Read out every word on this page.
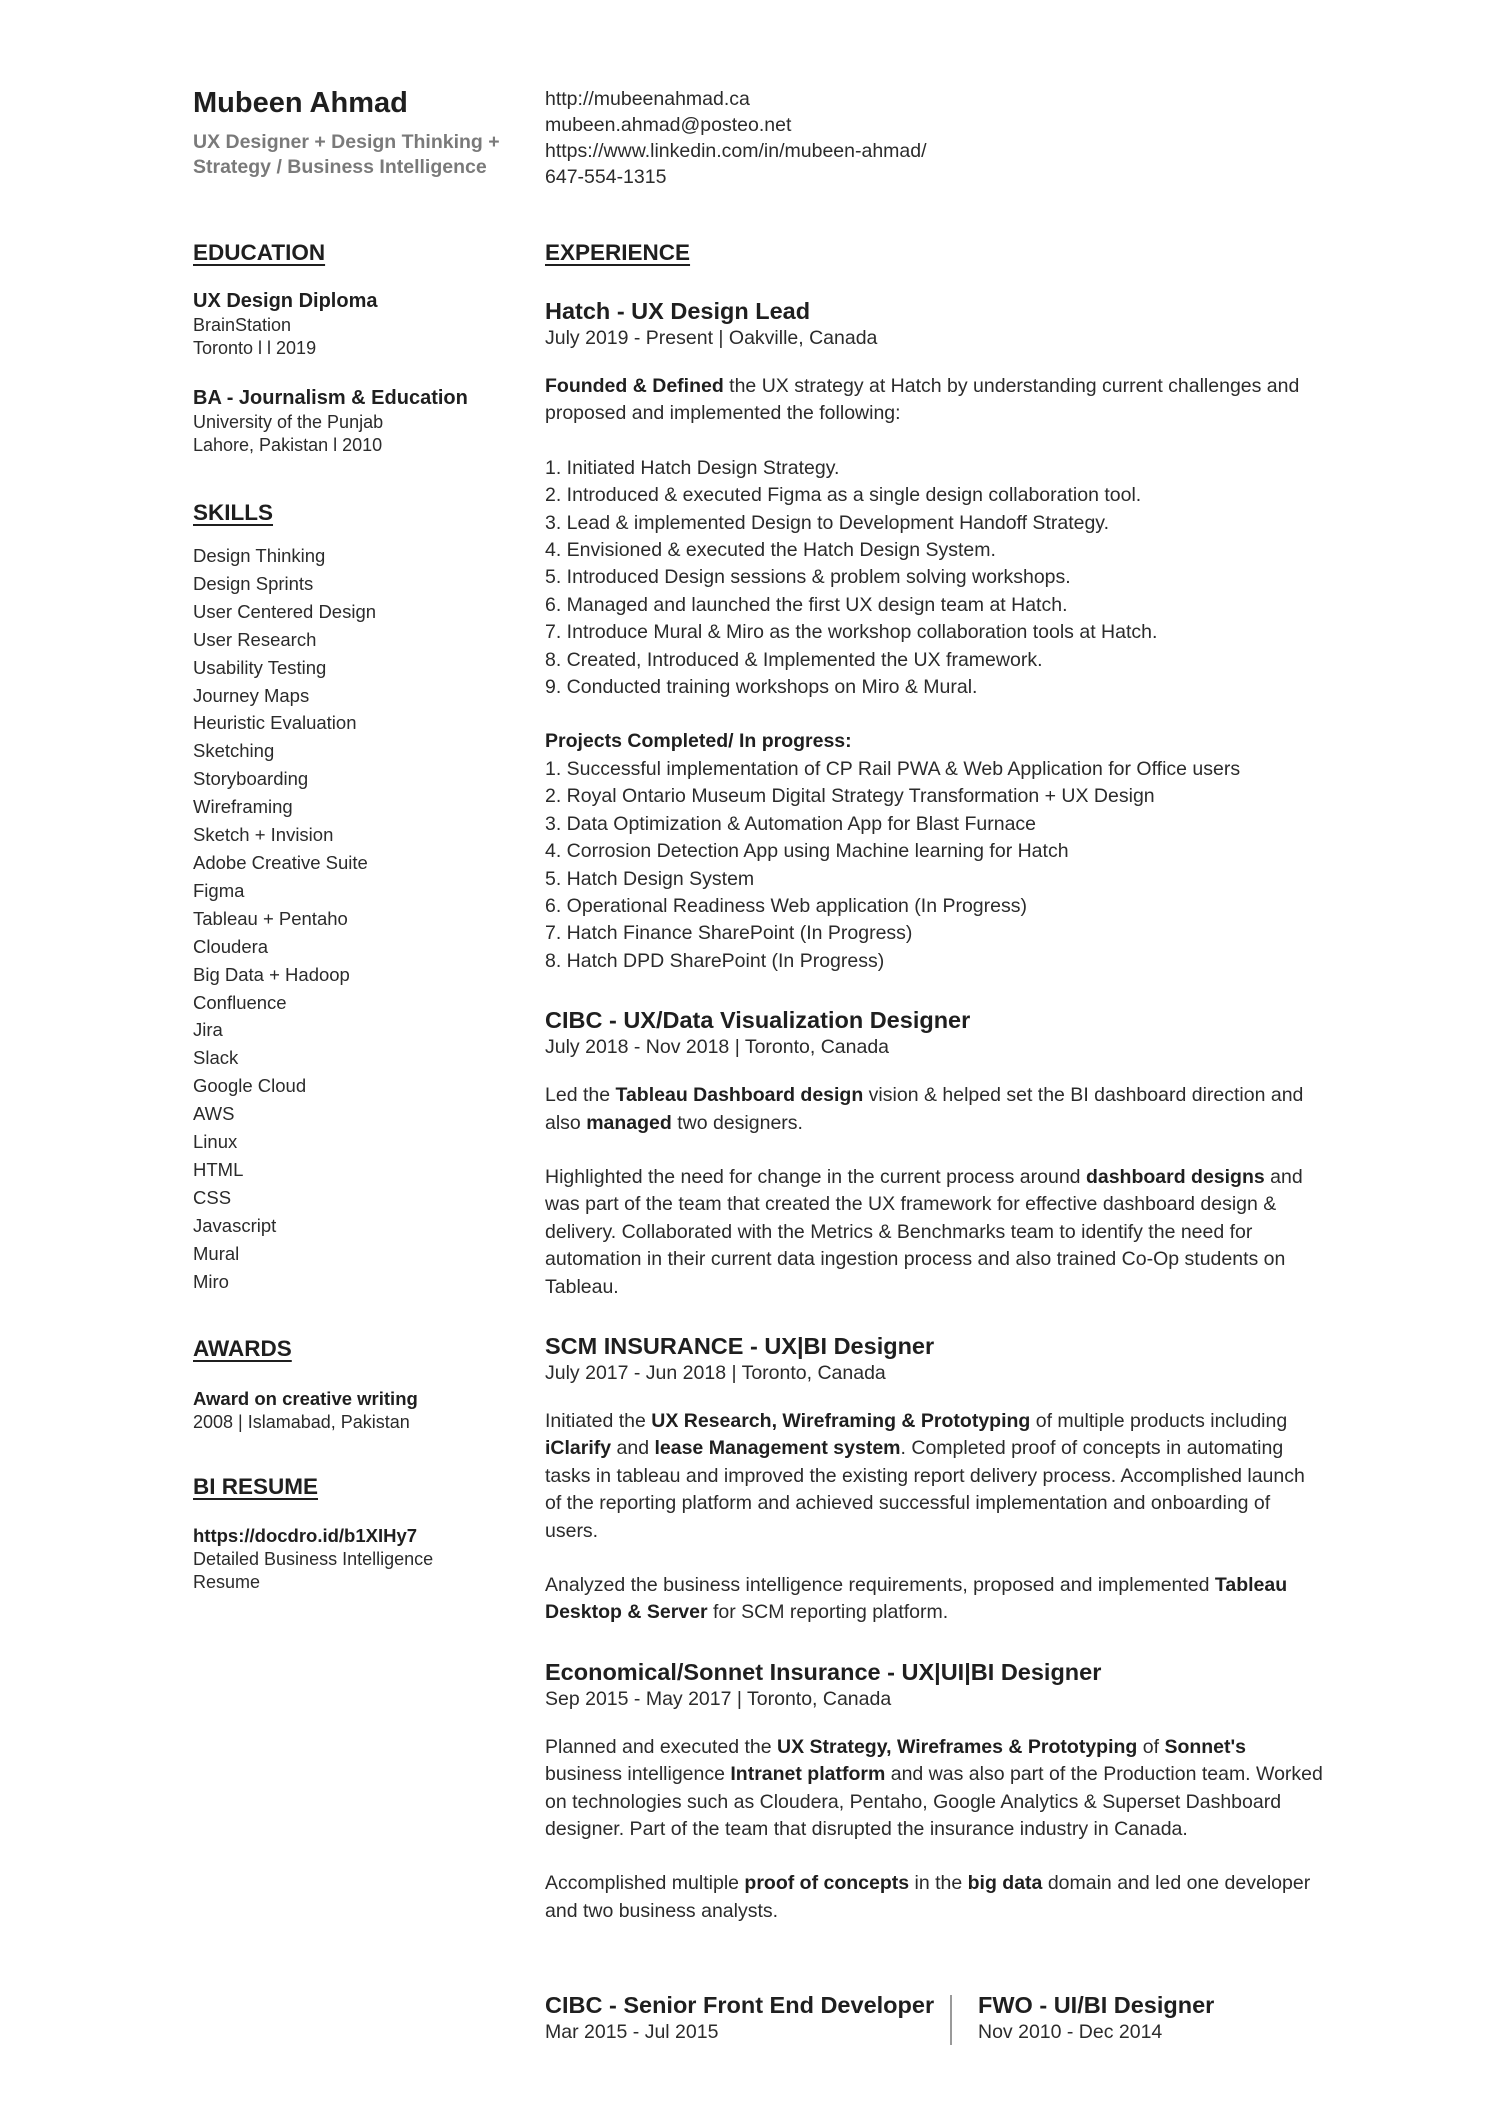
Mubeen Ahmad
UX Designer + Design Thinking +
Strategy / Business Intelligence
http://mubeenahmad.ca
mubeen.ahmad@posteo.net
https://www.linkedin.com/in/mubeen-ahmad/
647-554-1315
EDUCATION
UX Design Diploma
BrainStation
Toronto l l 2019
BA - Journalism & Education
University of the Punjab
Lahore, Pakistan l 2010
SKILLS
Design Thinking
Design Sprints
User Centered Design
User Research
Usability Testing
Journey Maps
Heuristic Evaluation
Sketching
Storyboarding
Wireframing
Sketch + Invision
Adobe Creative Suite
Figma
Tableau + Pentaho
Cloudera
Big Data + Hadoop
Confluence
Jira
Slack
Google Cloud
AWS
Linux
HTML
CSS
Javascript
Mural
Miro
AWARDS
Award on creative writing
2008 | Islamabad, Pakistan
BI RESUME
https://docdro.id/b1XIHy7
Detailed Business Intelligence Resume
EXPERIENCE
Hatch - UX Design Lead
July 2019 - Present | Oakville, Canada
Founded & Defined the UX strategy at Hatch by understanding current challenges and proposed and implemented the following:
1. Initiated Hatch Design Strategy.
2. Introduced & executed Figma as a single design collaboration tool.
3. Lead & implemented Design to Development Handoff Strategy.
4. Envisioned & executed the Hatch Design System.
5. Introduced Design sessions & problem solving workshops.
6. Managed and launched the first UX design team at Hatch.
7. Introduce Mural & Miro as the workshop collaboration tools at Hatch.
8. Created, Introduced & Implemented the UX framework.
9. Conducted training workshops on Miro & Mural.
Projects Completed/ In progress:
1. Successful implementation of CP Rail PWA & Web Application for Office users
2. Royal Ontario Museum Digital Strategy Transformation + UX Design
3. Data Optimization & Automation App for Blast Furnace
4. Corrosion Detection App using Machine learning for Hatch
5. Hatch Design System
6. Operational Readiness Web application (In Progress)
7. Hatch Finance SharePoint (In Progress)
8. Hatch DPD SharePoint (In Progress)
CIBC - UX/Data Visualization Designer
July 2018 - Nov 2018 | Toronto, Canada
Led the Tableau Dashboard design vision & helped set the BI dashboard direction and also managed two designers.
Highlighted the need for change in the current process around dashboard designs and was part of the team that created the UX framework for effective dashboard design & delivery. Collaborated with the Metrics & Benchmarks team to identify the need for automation in their current data ingestion process and also trained Co-Op students on Tableau.
SCM INSURANCE - UX|BI Designer
July 2017 - Jun 2018 | Toronto, Canada
Initiated the UX Research, Wireframing & Prototyping of multiple products including iClarify and lease Management system. Completed proof of concepts in automating tasks in tableau and improved the existing report delivery process. Accomplished launch of the reporting platform and achieved successful implementation and onboarding of users.
Analyzed the business intelligence requirements, proposed and implemented Tableau Desktop & Server for SCM reporting platform.
Economical/Sonnet Insurance - UX|UI|BI Designer
Sep 2015 - May 2017 | Toronto, Canada
Planned and executed the UX Strategy, Wireframes & Prototyping of Sonnet's business intelligence Intranet platform and was also part of the Production team. Worked on technologies such as Cloudera, Pentaho, Google Analytics & Superset Dashboard designer. Part of the team that disrupted the insurance industry in Canada.
Accomplished multiple proof of concepts in the big data domain and led one developer and two business analysts.
CIBC - Senior Front End Developer
Mar 2015 - Jul 2015
FWO - UI/BI Designer
Nov 2010 - Dec 2014
